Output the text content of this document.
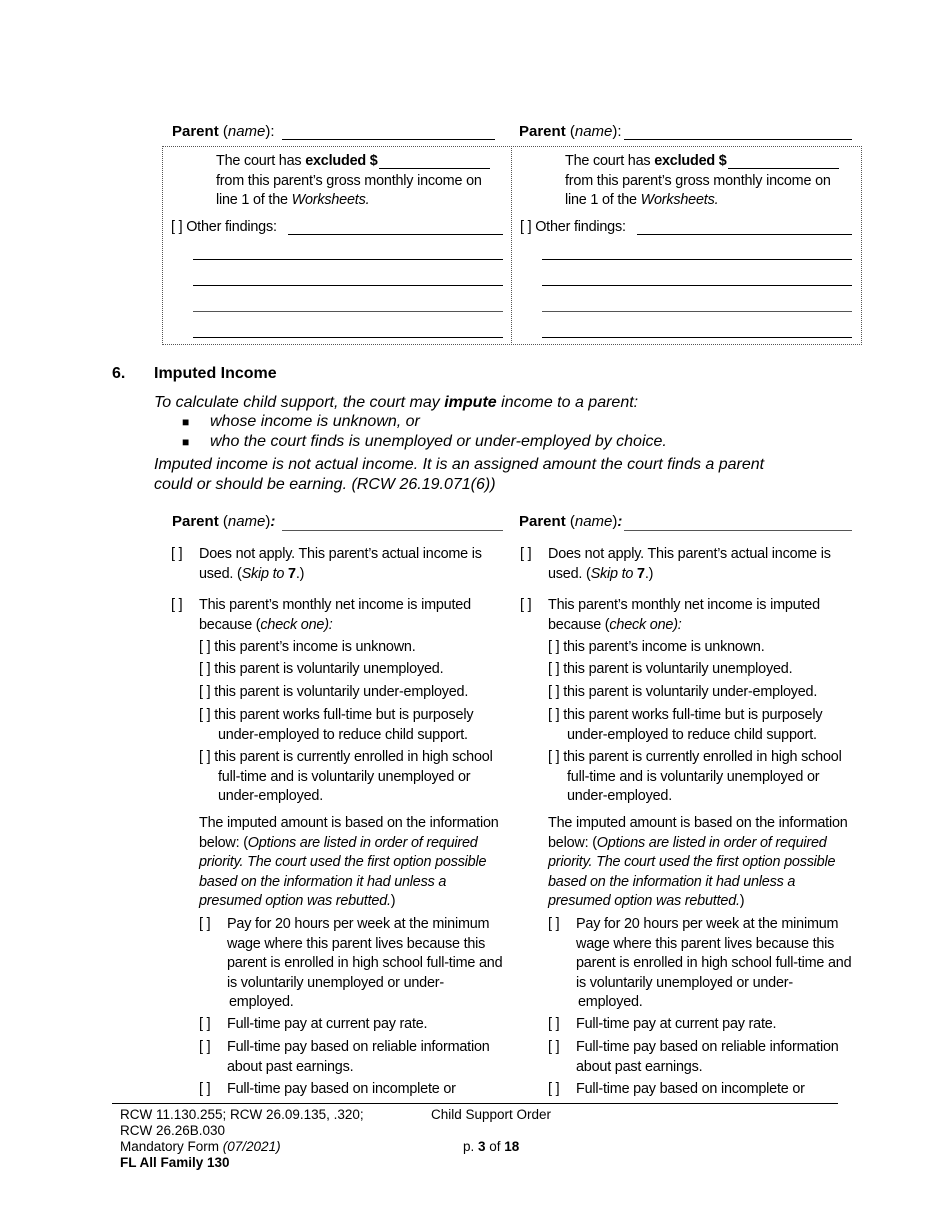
Parent (name):	Parent (name):
The court has excluded $
from this parent’s gross monthly income on
line 1 of the Worksheets.
The court has excluded $
from this parent’s gross monthly income on
line 1 of the Worksheets.
[ ] Other findings:	[ ] Other findings:
6. Imputed Income
To calculate child support, the court may impute income to a parent:
■ whose income is unknown, or
■ who the court finds is unemployed or under-employed by choice.
Imputed income is not actual income. It is an assigned amount the court finds a parent
could or should be earning. (RCW 26.19.071(6))
Parent (name):
[ ] Does not apply. This parent’s actual income is
used. (Skip to 7.)
[ ] This parent’s monthly net income is imputed
because (check one):
[ ] this parent’s income is unknown.
[ ] this parent is voluntarily unemployed.
[ ] this parent is voluntarily under-employed.
[ ] this parent works full-time but is purposely
under-employed to reduce child support.
[ ] this parent is currently enrolled in high school
full-time and is voluntarily unemployed or
under-employed.
The imputed amount is based on the information
below: (Options are listed in order of required
priority. The court used the first option possible
based on the information it had unless a
presumed option was rebutted.)
[ ] Pay for 20 hours per week at the minimum
wage where this parent lives because this
parent is enrolled in high school full-time and
is voluntarily unemployed or under-
employed.
[ ] Full-time pay at current pay rate.
[ ] Full-time pay based on reliable information
about past earnings.
[ ] Full-time pay based on incomplete or
Parent (name):
[ ] Does not apply. This parent’s actual income is
used. (Skip to 7.)
[ ] This parent’s monthly net income is imputed
because (check one):
[ ] this parent’s income is unknown.
[ ] this parent is voluntarily unemployed.
[ ] this parent is voluntarily under-employed.
[ ] this parent works full-time but is purposely
under-employed to reduce child support.
[ ] this parent is currently enrolled in high school
full-time and is voluntarily unemployed or
under-employed.
The imputed amount is based on the information
below: (Options are listed in order of required
priority. The court used the first option possible
based on the information it had unless a
presumed option was rebutted.)
[ ] Pay for 20 hours per week at the minimum
wage where this parent lives because this
parent is enrolled in high school full-time and
is voluntarily unemployed or under-
employed.
[ ] Full-time pay at current pay rate.
[ ] Full-time pay based on reliable information
about past earnings.
[ ] Full-time pay based on incomplete or
RCW 11.130.255; RCW 26.09.135, .320;
RCW 26.26B.030
Mandatory Form (07/2021)
FL All Family 130
Child Support Order
p. 3 of 18
